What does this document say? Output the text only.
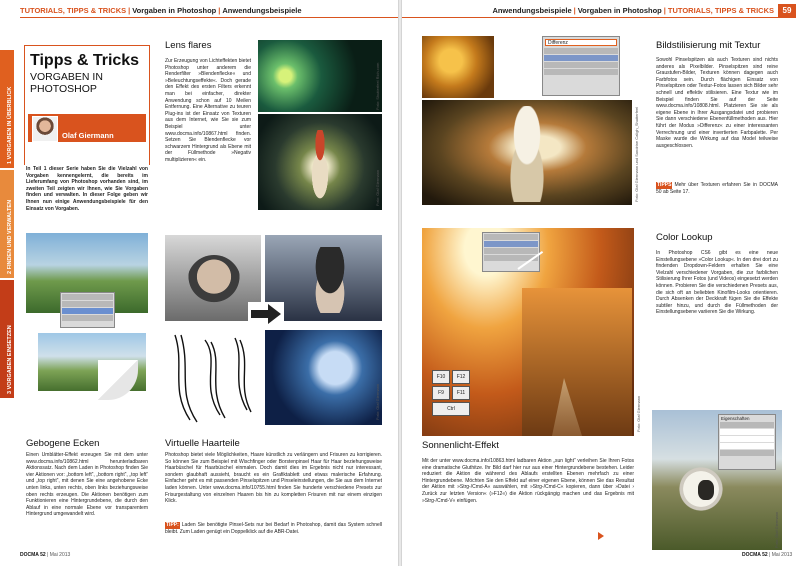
TUTORIALS, TIPPS & TRICKS | Vorgaben in Photoshop | Anwendungsbeispiele
1 VORGABEN IN ÜBERBLICK
2 FINDEN UND VERWALTEN
3 VORGABEN EINSETZEN
Tipps & Tricks
VORGABEN IN PHOTOSHOP
Olaf Giermann
In Teil 1 dieser Serie haben Sie die Vielzahl von Vorgaben kennengelernt, die bereits im Lieferumfang von Photoshop vorhanden sind, im zweiten Teil zeigten wir Ihnen, wie Sie Vorgaben finden und verwalten. In dieser Folge geben wir Ihnen nun einige Anwendungsbeispiele für den Einsatz von Vorgaben.
Gebogene Ecken
Einen Umblätter-Effekt erzeugen Sie mit dem unter www.docma.info/10862.html herunterladbaren Aktionssatz. Nach dem Laden in Photoshop finden Sie vier Aktionen vor: „bottom left“, „bottom right“, „top left“ und „top right“, mit denen Sie eine angehobene Ecke unten links, unten rechts, oben links beziehungsweise oben rechts erzeugen. Die Aktionen benötigen zum Funktionieren eine Hintergrundebene, die durch den Ablauf in eine normale Ebene vor transparentem Hintergrund umgewandelt wird.
Lens flares
Zur Erzeugung von Lichteffekten bietet Photoshop unter anderem die Renderfilter »Blendenflecke« und »Beleuchtungseffekte«. Doch gerade den Effekt des ersten Filters erkennt man bei einfacher, direkter Anwendung schon auf 10 Meilen Entfernung. Eine Alternative zu teuren Plug-ins ist der Einsatz von Texturen aus dem Internet, wie Sie sie zum Beispiel unter www.docma.info/10867.html finden. Setzen Sie Blendenflecke vor schwarzem Hintergrund als Ebene mit der Füllmethode »Negativ multiplizieren« ein.
Foto: Shutterfeel Rich.com
Foto: Olaf Giermann
Foto: Olaf Giermann
Virtuelle Haarteile
Photoshop bietet viele Möglichkeiten, Haare künstlich zu verlängern und Frisuren zu korrigieren. So können Sie zum Beispiel mit Wischfinger oder Borstenpinsel Haar für Haar beziehungsweise Haarbüschel für Haarbüschel einmalen. Doch damit dies im Ergebnis nicht nur interessant, sondern glaubhaft aussieht, braucht es ein Grafiktablett und etwas malerische Erfahrung. Einfacher geht es mit passenden Pinselspitzen und Pinseleinstellungen, die Sie aus dem Internet laden können. Unter www.docma.info/10755.html finden Sie hunderte verschiedene Presets zur Frisurgestaltung von einzelnen Haaren bis hin zu kompletten Frisuren mit nur einem einzigen Klick.
TIPP: Laden Sie benötigte Pinsel-Sets nur bei Bedarf in Photoshop, damit das System schnell bleibt. Zum Laden genügt ein Doppelklick auf die ABR-Datei.
DOCMA 52 | Mai 2013
Anwendungsbeispiele | Vorgaben in Photoshop | TUTORIALS, TIPPS & TRICKS	59
Differenz
Foto: Olaf Giermann und Sandrine Caligh_Shutterfeel
Bildstilisierung mit Textur
Sowohl Pinselspitzen als auch Texturen sind nichts anderes als Pixelbilder. Pinselspitzen sind reine Graustufen-Bilder, Texturen können dagegen auch Farbfotos sein. Durch flächigen Einsatz von Pinselspitzen oder Textur-Fotos lassen sich Bilder sehr schnell und effektiv stilisieren. Eine Textur wie im Beispiel finden Sie auf der Seite www.docma.info/10808.html. Platzieren Sie sie als eigene Ebene in Ihrer Ausgangsdatei und probieren Sie dann verschiedene Ebenenfüllmethoden aus. Hier führt der Modus »Differenz« zu einer interessanten Verrechnung und einer invertierten Farbpalette. Per Maske wurde die Wirkung auf das Model teilweise ausgeschlossen.
TIPPS Mehr über Texturen erfahren Sie in DOCMA 50 ab Seite 17.
F10	F12
F9	F11
Ctrl	Foto: Olaf Giermann
Sonnenlicht-Effekt
Mit der unter www.docma.info/10863.html ladbaren Aktion „sun light“ verleihen Sie Ihren Fotos eine dramatische Gluthitze. Ihr Bild darf hier nur aus einer Hintergrundebene bestehen. Leider reduziert die Aktion die während des Ablaufs erstellten Ebenen mehrfach zu einer Hintergrundebene. Möchten Sie den Effekt auf einer eigenen Ebene, können Sie das Resultat der Aktion mit »Strg-/Cmd-A« auswählen, mit »Strg-/Cmd-C« kopieren, dann über »Datei › Zurück zur letzten Version« (»F12«) die Aktion rückgängig machen und das Ergebnis mit »Strg-/Cmd-V« einfügen.
Color Lookup
In Photoshop CS6 gibt es eine neue Einstellungsebene »Color Lookup«. In den drei dort zu findenden Dropdown-Feldern erhalten Sie eine Vielzahl verschiedener Vorgaben, die zur farblichen Stilisierung Ihrer Fotos (und Videos) eingesetzt werden können. Probieren Sie die verschiedenen Presets aus, die sich oft an beliebten Kinofilm-Looks orientieren. Durch Absenken der Deckkraft fügen Sie die Effekte subtiler hinzu, und durch die Füllmethoden der Einstellungsebene variieren Sie die Wirkung.
Eigenschaften
Foto: Olaf Giermann
DOCMA 52 | Mai 2013
